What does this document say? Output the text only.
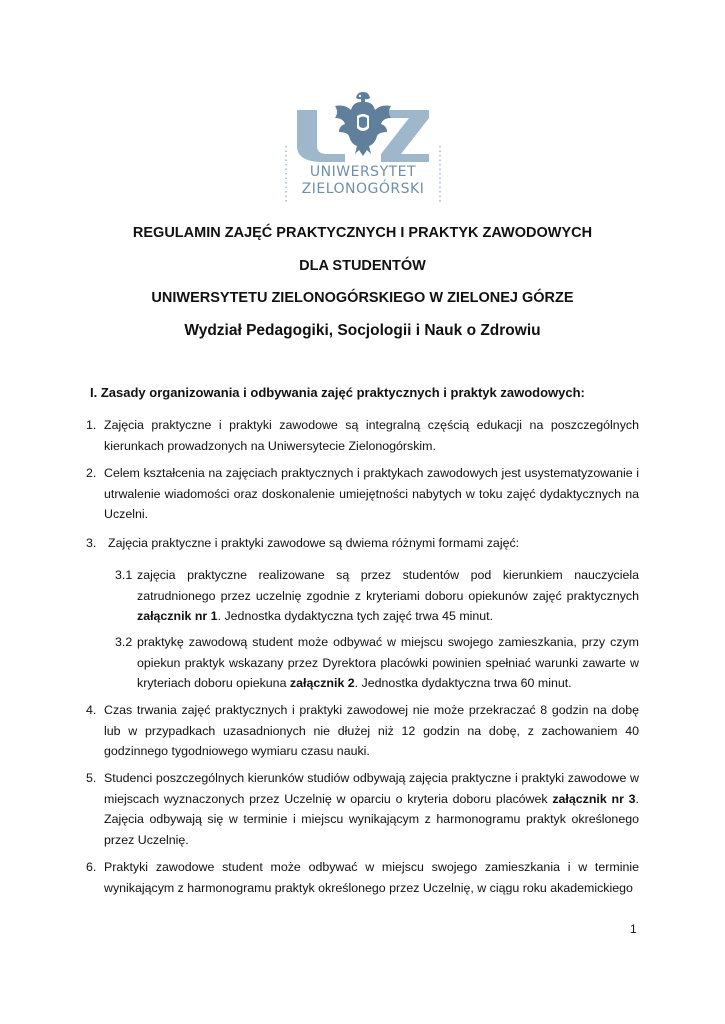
UNIWERSYTET
ZIELONOGÓRSKI
REGULAMIN ZAJĘĆ PRAKTYCZNYCH I PRAKTYK ZAWODOWYCH
DLA STUDENTÓW
UNIWERSYTETU ZIELONOGÓRSKIEGO W ZIELONEJ GÓRZE
Wydział Pedagogiki, Socjologii i Nauk o Zdrowiu
I. Zasady organizowania i odbywania zajęć praktycznych i praktyk zawodowych:
1. Zajęcia praktyczne i praktyki zawodowe są integralną częścią edukacji na poszczególnych kierunkach prowadzonych na Uniwersytecie Zielonogórskim.
2. Celem kształcenia na zajęciach praktycznych i praktykach zawodowych jest usystematyzowanie i utrwalenie wiadomości oraz doskonalenie umiejętności nabytych w toku zajęć dydaktycznych na Uczelni.
3. Zajęcia praktyczne i praktyki zawodowe są dwiema różnymi formami zajęć:
3.1 zajęcia praktyczne realizowane są przez studentów pod kierunkiem nauczyciela zatrudnionego przez uczelnię zgodnie z kryteriami doboru opiekunów zajęć praktycznych załącznik nr 1. Jednostka dydaktyczna tych zajęć trwa 45 minut.
3.2 praktykę zawodową student może odbywać w miejscu swojego zamieszkania, przy czym opiekun praktyk wskazany przez Dyrektora placówki powinien spełniać warunki zawarte w kryteriach doboru opiekuna załącznik 2. Jednostka dydaktyczna trwa 60 minut.
4. Czas trwania zajęć praktycznych i praktyki zawodowej nie może przekraczać 8 godzin na dobę lub w przypadkach uzasadnionych nie dłużej niż 12 godzin na dobę, z zachowaniem 40 godzinnego tygodniowego wymiaru czasu nauki.
5. Studenci poszczególnych kierunków studiów odbywają zajęcia praktyczne i praktyki zawodowe w miejscach wyznaczonych przez Uczelnię w oparciu o kryteria doboru placówek załącznik nr 3. Zajęcia odbywają się w terminie i miejscu wynikającym z harmonogramu praktyk określonego przez Uczelnię.
6. Praktyki zawodowe student może odbywać w miejscu swojego zamieszkania i w terminie wynikającym z harmonogramu praktyk określonego przez Uczelnię, w ciągu roku akademickiego
1
